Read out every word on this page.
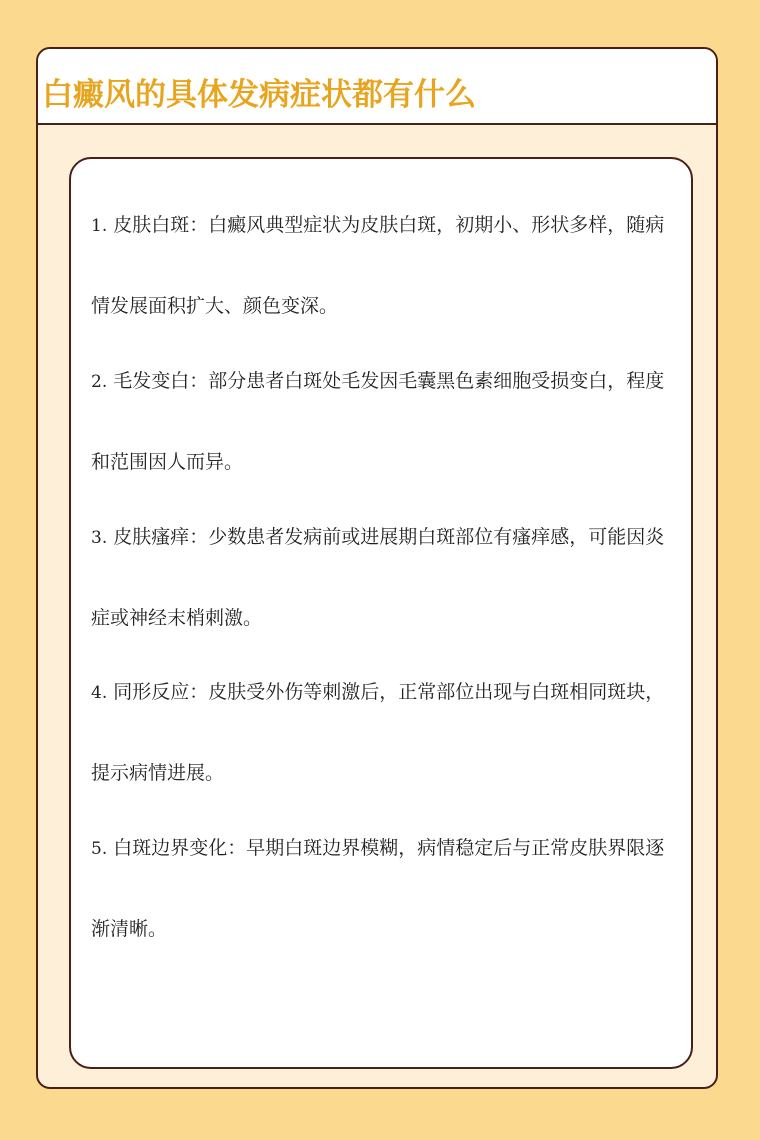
白癜风的具体发病症状都有什么

1. 皮肤白斑：白癜风典型症状为皮肤白斑，初期小、形状多样，随病情发展面积扩大、颜色变深。

2. 毛发变白：部分患者白斑处毛发因毛囊黑色素细胞受损变白，程度和范围因人而异。

3. 皮肤瘙痒：少数患者发病前或进展期白斑部位有瘙痒感，可能因炎症或神经末梢刺激。

4. 同形反应：皮肤受外伤等刺激后，正常部位出现与白斑相同斑块，提示病情进展。

5. 白斑边界变化：早期白斑边界模糊，病情稳定后与正常皮肤界限逐渐清晰。
